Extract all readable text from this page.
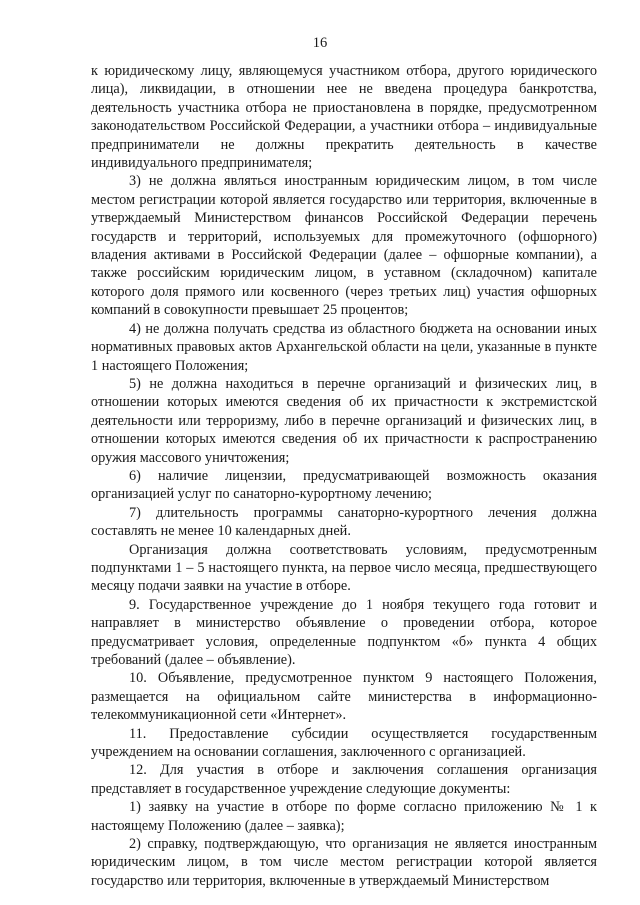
16

к юридическому лицу, являющемуся участником отбора, другого юридического лица), ликвидации, в отношении нее не введена процедура банкротства, деятельность участника отбора не приостановлена в порядке, предусмотренном законодательством Российской Федерации, а участники отбора – индивидуальные предприниматели не должны прекратить деятельность в качестве индивидуального предпринимателя;

3) не должна являться иностранным юридическим лицом, в том числе местом регистрации которой является государство или территория, включенные в утверждаемый Министерством финансов Российской Федерации перечень государств и территорий, используемых для промежуточного (офшорного) владения активами в Российской Федерации (далее – офшорные компании), а также российским юридическим лицом, в уставном (складочном) капитале которого доля прямого или косвенного (через третьих лиц) участия офшорных компаний в совокупности превышает 25 процентов;

4) не должна получать средства из областного бюджета на основании иных нормативных правовых актов Архангельской области на цели, указанные в пункте 1 настоящего Положения;

5) не должна находиться в перечне организаций и физических лиц, в отношении которых имеются сведения об их причастности к экстремистской деятельности или терроризму, либо в перечне организаций и физических лиц, в отношении которых имеются сведения об их причастности к распространению оружия массового уничтожения;

6) наличие лицензии, предусматривающей возможность оказания организацией услуг по санаторно-курортному лечению;

7) длительность программы санаторно-курортного лечения должна составлять не менее 10 календарных дней.

Организация должна соответствовать условиям, предусмотренным подпунктами 1 – 5 настоящего пункта, на первое число месяца, предшествующего месяцу подачи заявки на участие в отборе.

9. Государственное учреждение до 1 ноября текущего года готовит и направляет в министерство объявление о проведении отбора, которое предусматривает условия, определенные подпунктом «б» пункта 4 общих требований (далее – объявление).

10. Объявление, предусмотренное пунктом 9 настоящего Положения, размещается на официальном сайте министерства в информационно-телекоммуникационной сети «Интернет».

11. Предоставление субсидии осуществляется государственным учреждением на основании соглашения, заключенного с организацией.

12. Для участия в отборе и заключения соглашения организация представляет в государственное учреждение следующие документы:

1) заявку на участие в отборе по форме согласно приложению № 1 к настоящему Положению (далее – заявка);

2) справку, подтверждающую, что организация не является иностранным юридическим лицом, в том числе местом регистрации которой является государство или территория, включенные в утверждаемый Министерством
